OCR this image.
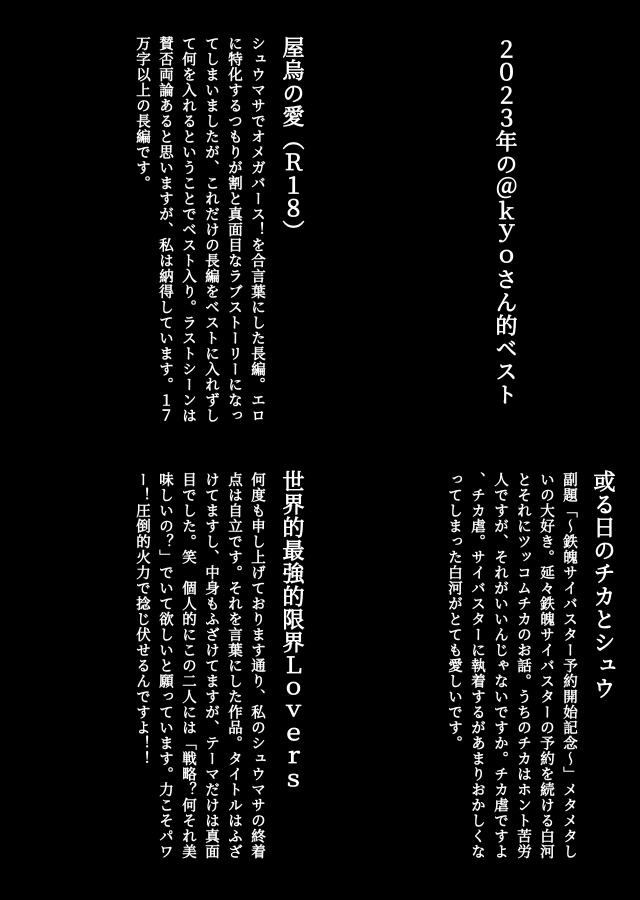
２０２３年の＠ｋｙｏさん的ベスト
或る日のチカとシュウ

副題「〜鉄魄サイバスター予約開始記念〜」メタメタしいの大好き。延々鉄魄サイバスターの予約を続ける白河とそれにツッコムチカのお話。うちのチカはホント苦労人ですが、それがいいんじゃないですか。チカ虐ですよ、チカ虐。サイバスターに執着するがあまりおかしくなってしまった白河がとても愛しいです。

屋烏の愛（Ｒ１８）

シュウマサでオメガバース！を合言葉にした長編。エロに特化するつもりが割と真面目なラブストーリーになってしまいましたが、これだけの長編をベストに入れずして何を入れるということでベスト入り。ラストシーンは賛否両論あると思いますが、私は納得しています。１７万字以上の長編です。

世界的最強的限界Ｌｏｖｅｒｓ

何度も申し上げております通り、私のシュウマサの終着点は自立です。それを言葉にした作品。タイトルはふざけてますし、中身もふざけてますが、テーマだけは真面目でした。笑　個人的にこの二人には「戦略？何それ美味しいの？」でいて欲しいと願っています。力こそパワー！圧倒的火力で捻じ伏せるんですよ！！
